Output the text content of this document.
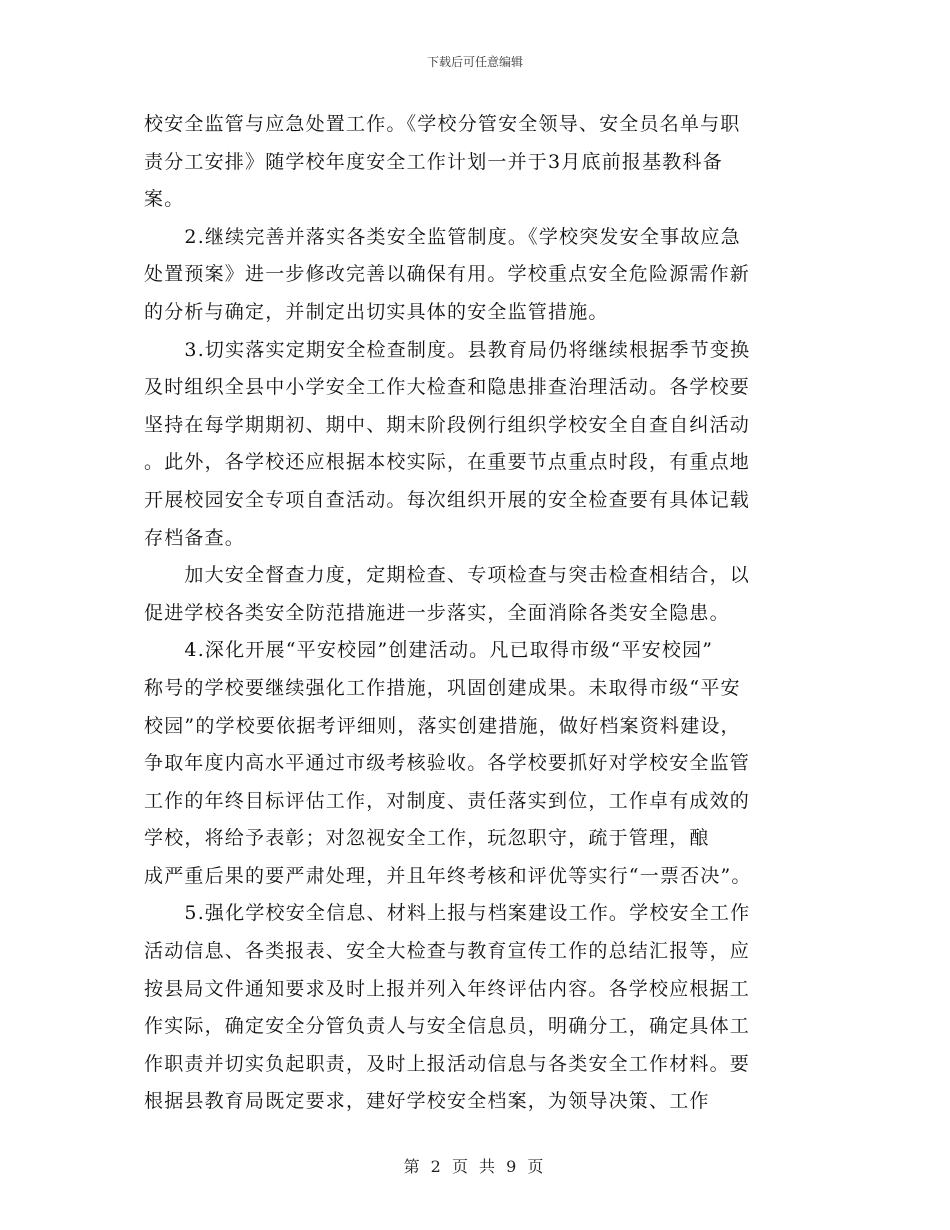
下载后可任意编辑

校安全监管与应急处置工作。《学校分管安全领导、安全员名单与职
责分工安排》随学校年度安全工作计划一并于3月底前报基教科备
案。

　　2.继续完善并落实各类安全监管制度。《学校突发安全事故应急
处置预案》进一步修改完善以确保有用。学校重点安全危险源需作新
的分析与确定，并制定出切实具体的安全监管措施。

　　3.切实落实定期安全检查制度。县教育局仍将继续根据季节变换
及时组织全县中小学安全工作大检查和隐患排查治理活动。各学校要
坚持在每学期期初、期中、期末阶段例行组织学校安全自查自纠活动
。此外，各学校还应根据本校实际，在重要节点重点时段，有重点地
开展校园安全专项自查活动。每次组织开展的安全检查要有具体记载
存档备查。

　　加大安全督查力度，定期检查、专项检查与突击检查相结合，以
促进学校各类安全防范措施进一步落实，全面消除各类安全隐患。

　　4.深化开展“平安校园”创建活动。凡已取得市级“平安校园”
称号的学校要继续强化工作措施，巩固创建成果。未取得市级“平安
校园”的学校要依据考评细则，落实创建措施，做好档案资料建设，
争取年度内高水平通过市级考核验收。各学校要抓好对学校安全监管
工作的年终目标评估工作，对制度、责任落实到位，工作卓有成效的
学校，将给予表彰；对忽视安全工作，玩忽职守，疏于管理，酿
成严重后果的要严肃处理，并且年终考核和评优等实行“一票否决”。

　　5.强化学校安全信息、材料上报与档案建设工作。学校安全工作
活动信息、各类报表、安全大检查与教育宣传工作的总结汇报等，应
按县局文件通知要求及时上报并列入年终评估内容。各学校应根据工
作实际，确定安全分管负责人与安全信息员，明确分工，确定具体工
作职责并切实负起职责，及时上报活动信息与各类安全工作材料。要
根据县教育局既定要求，建好学校安全档案，为领导决策、工作

第 2 页 共 9 页
